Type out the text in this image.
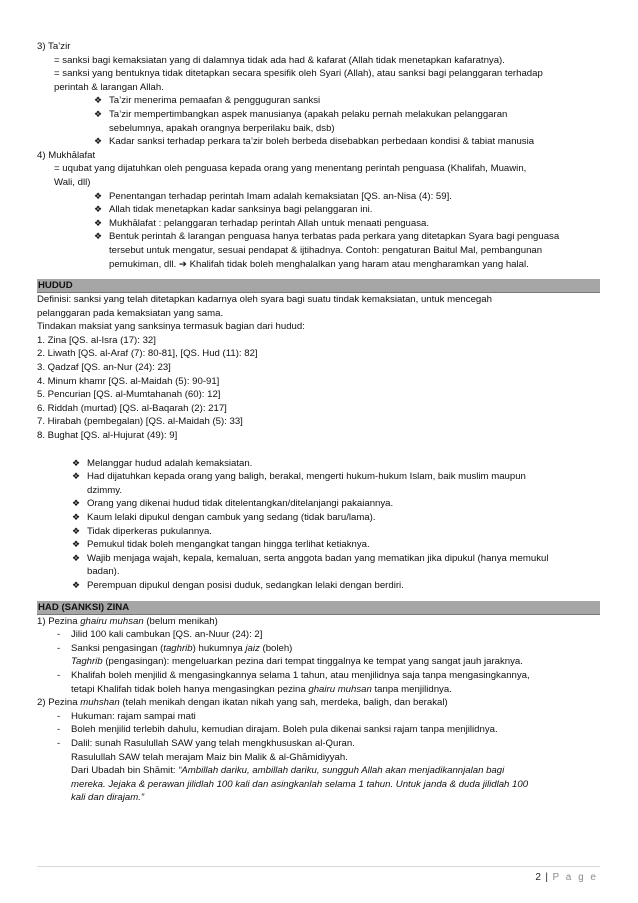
3) Ta’zir
= sanksi bagi kemaksiatan yang di dalamnya tidak ada had & kafarat (Allah tidak menetapkan kafaratnya).
= sanksi yang bentuknya tidak ditetapkan secara spesifik oleh Syari (Allah), atau sanksi bagi pelanggaran terhadap
perintah & larangan Allah.
❖ Ta’zir menerima pemaafan & pengguguran sanksi
❖ Ta’zir mempertimbangkan aspek manusianya (apakah pelaku pernah melakukan pelanggaran
sebelumnya, apakah orangnya berperilaku baik, dsb)
❖ Kadar sanksi terhadap perkara ta’zir boleh berbeda disebabkan perbedaan kondisi & tabiat manusia
4) Mukhālafat
= uqubat yang dijatuhkan oleh penguasa kepada orang yang menentang perintah penguasa (Khalifah, Muawin,
Wali, dll)
❖ Penentangan terhadap perintah Imam adalah kemaksiatan [QS. an-Nisa (4): 59].
❖ Allah tidak menetapkan kadar sanksinya bagi pelanggaran ini.
❖ Mukhālafat : pelanggaran terhadap perintah Allah untuk menaati penguasa.
❖ Bentuk perintah & larangan penguasa hanya terbatas pada perkara yang ditetapkan Syara bagi penguasa
tersebut untuk mengatur, sesuai pendapat & ijtihadnya. Contoh: pengaturan Baitul Mal, pembangunan
pemukiman, dll. ➔ Khalifah tidak boleh menghalalkan yang haram atau mengharamkan yang halal.
HUDUD
Definisi: sanksi yang telah ditetapkan kadarnya oleh syara bagi suatu tindak kemaksiatan, untuk mencegah
pelanggaran pada kemaksiatan yang sama.
Tindakan maksiat yang sanksinya termasuk bagian dari hudud:
1. Zina [QS. al-Isra (17): 32]
2. Liwath [QS. al-Araf (7): 80-81], [QS. Hud (11): 82]
3. Qadzaf [QS. an-Nur (24): 23]
4. Minum khamr [QS. al-Maidah (5): 90-91]
5. Pencurian [QS. al-Mumtahanah (60): 12]
6. Riddah (murtad) [QS. al-Baqarah (2): 217]
7. Hirabah (pembegalan) [QS. al-Maidah (5): 33]
8. Bughat [QS. al-Hujurat (49): 9]
❖ Melanggar hudud adalah kemaksiatan.
❖ Had dijatuhkan kepada orang yang baligh, berakal, mengerti hukum-hukum Islam, baik muslim maupun
dzimmy.
❖ Orang yang dikenai hudud tidak ditelentangkan/ditelanjangi pakaiannya.
❖ Kaum lelaki dipukul dengan cambuk yang sedang (tidak baru/lama).
❖ Tidak diperkeras pukulannya.
❖ Pemukul tidak boleh mengangkat tangan hingga terlihat ketiaknya.
❖ Wajib menjaga wajah, kepala, kemaluan, serta anggota badan yang mematikan jika dipukul (hanya memukul
badan).
❖ Perempuan dipukul dengan posisi duduk, sedangkan lelaki dengan berdiri.
HAD (SANKSI) ZINA
1) Pezina ghairu muhsan (belum menikah)
- Jilid 100 kali cambukan [QS. an-Nuur (24): 2]
- Sanksi pengasingan (taghrib) hukumnya jaiz (boleh)
Taghrib (pengasingan): mengeluarkan pezina dari tempat tinggalnya ke tempat yang sangat jauh jaraknya.
- Khalifah boleh menjilid & mengasingkannya selama 1 tahun, atau menjilidnya saja tanpa mengasingkannya,
tetapi Khalifah tidak boleh hanya mengasingkan pezina ghairu muhsan tanpa menjilidnya.
2) Pezina muhshan (telah menikah dengan ikatan nikah yang sah, merdeka, baligh, dan berakal)
- Hukuman: rajam sampai mati
- Boleh menjilid terlebih dahulu, kemudian dirajam. Boleh pula dikenai sanksi rajam tanpa menjilidnya.
- Dalil: sunah Rasulullah SAW yang telah mengkhususkan al-Quran.
Rasulullah SAW telah merajam Maiz bin Malik & al-Ghāmidiyyah.
Dari Ubadah bin Shāmit: “Ambillah dariku, ambillah dariku, sungguh Allah akan menjadikannjalan bagi
mereka. Jejaka & perawan jilidlah 100 kali dan asingkanlah selama 1 tahun. Untuk janda & duda jilidlah 100
kali dan dirajam.”
2 | P a g e
